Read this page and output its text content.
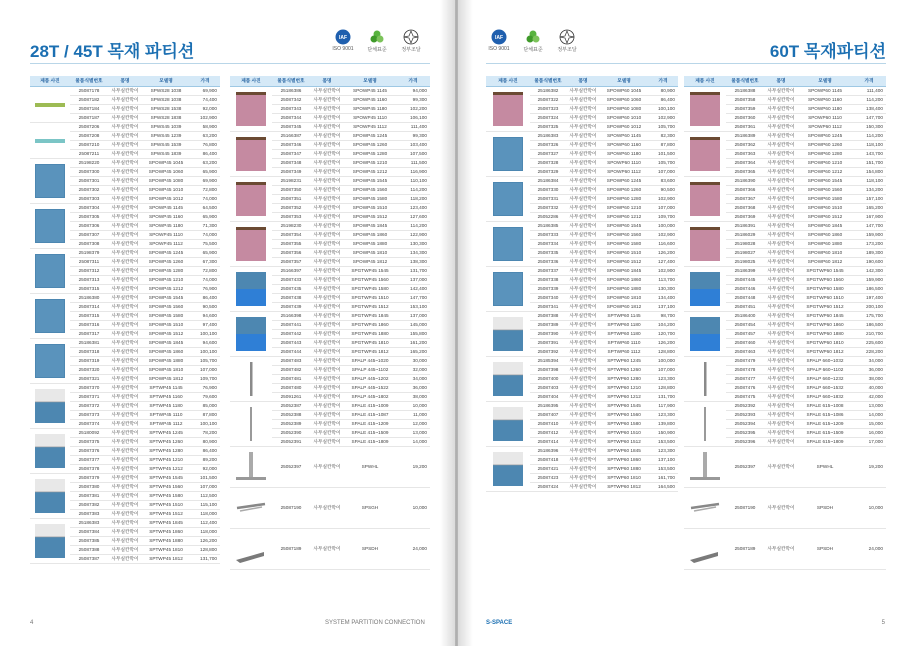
28T / 45T 목재 파티션
IAF
ISO 9001	단체표준	정부조달
제품 사진	물품식별번호	품명	모델명	가격

	25087178	사무실칸막이	SPWS28 1038	69,900
	25087182	사무실칸막이	SPWS28 1038	74,400
	25087184	사무실칸막이	SPWS28 1538	92,000
	25087187	사무실칸막이	SPWS28 1838	102,900

	25087206	사무실칸막이	SPWS45 1039	58,900
	25087208	사무실칸막이	SPWS45 1239	63,200
	25087210	사무실칸막이	SPWS45 1539	76,800
	25087211	사무실칸막이	SPWS45 1839	86,400

	25198220	사무실칸막이	SPOWP45 1045	63,200
	25087300	사무실칸막이	SPOWP45 1060	65,900
	25087301	사무실칸막이	SPOWP45 1080	69,900
	25087302	사무실칸막이	SPOWP45 1010	72,800
	25087303	사무실칸막이	SPOWP45 1012	74,000

	25087304	사무실칸막이	SPOWP45 1145	64,500
	25087305	사무실칸막이	SPOWP45 1160	65,900
	25087306	사무실칸막이	SPOWP45 1180	71,300
	25087307	사무실칸막이	SPOWP45 1110	74,000
	25087308	사무실칸막이	SPOWP45 1112	75,500

	25198379	사무실칸막이	SPOWP45 1245	65,900
	25087311	사무실칸막이	SPOWP45 1260	67,300
	25087312	사무실칸막이	SPOWP45 1280	72,800
	25087313	사무실칸막이	SPOWP45 1210	74,000
	25087315	사무실칸막이	SPOWP45 1212	76,900

	25186380	사무실칸막이	SPOWP45 1545	86,400
	25087314	사무실칸막이	SPOWP45 1560	90,500
	25087315	사무실칸막이	SPOWP45 1580	94,600
	25087316	사무실칸막이	SPOWP45 1510	97,400
	25087317	사무실칸막이	SPOWP45 1512	100,100

	25186381	사무실칸막이	SPOWP45 1845	94,600
	25087318	사무실칸막이	SPOWP45 1860	100,100
	25087319	사무실칸막이	SPOWP45 1880	105,700
	25087320	사무실칸막이	SPOWP45 1810	107,000
	25087321	사무실칸막이	SPOWP45 1812	109,700

	25087370	사무실칸막이	SPTWP45 1145	76,900
	25087371	사무실칸막이	SPTWP45 1160	79,600
	25087372	사무실칸막이	SPTWP45 1180	85,000
	25087373	사무실칸막이	SPTWP45 1110	87,800
	25087374	사무실칸막이	SPTWP45 1112	100,100

	25180092	사무실칸막이	SPTWP45 1245	78,200
	25087375	사무실칸막이	SPTWP45 1260	80,900
	25087376	사무실칸막이	SPTWP45 1280	86,400
	25087377	사무실칸막이	SPTWP45 1210	89,200
	25087378	사무실칸막이	SPTWP45 1212	92,000

	25087379	사무실칸막이	SPTWP45 1545	101,500
	25087380	사무실칸막이	SPTWP45 1560	107,000
	25087381	사무실칸막이	SPTWP45 1580	112,500
	25087382	사무실칸막이	SPTWP45 1510	115,100
	25087383	사무실칸막이	SPTWP45 1512	118,000

	25186383	사무실칸막이	SPTWP45 1845	112,400
	25087384	사무실칸막이	SPTWP45 1860	118,000
	25087385	사무실칸막이	SPTWP45 1880	126,200
	25087388	사무실칸막이	SPTWP45 1810	128,800
	25087387	사무실칸막이	SPTWP45 1812	131,700
제품 사진	물품식별번호	품명	모델명	가격

	25186386	사무실칸막이	SPOWP45 1145	94,000
	25087342	사무실칸막이	SPOWP45 1160	99,300
	25087343	사무실칸막이	SPOWP45 1180	102,200
	25087344	사무실칸막이	SPOWP45 1110	106,100
	25087345	사무실칸막이	SPOWP45 1112	111,400

	25166387	사무실칸막이	SPOWP45 1245	99,300
	25087346	사무실칸막이	SPOWP45 1260	103,400
	25087347	사무실칸막이	SPOWP45 1280	107,500
	25087348	사무실칸막이	SPOWP45 1210	111,500
	25087349	사무실칸막이	SPOWP45 1212	116,900

	25198231	사무실칸막이	SPOWP45 1545	110,100
	25087350	사무실칸막이	SPOWP45 1560	114,200
	25087351	사무실칸막이	SPOWP45 1580	118,200
	25087352	사무실칸막이	SPOWP45 1510	123,400
	25087353	사무실칸막이	SPOWP45 1512	127,600

	25198230	사무실칸막이	SPOWP45 1845	114,200
	25087354	사무실칸막이	SPOWP45 1860	122,900
	25087355	사무실칸막이	SPOWP45 1880	130,300
	25087356	사무실칸막이	SPOWP45 1810	134,300
	25087357	사무실칸막이	SPOWP45 1812	138,300

	25166397	사무실칸막이	SPGTWP45 1545	131,700
	25087433	사무실칸막이	SPGTWP45 1560	137,000
	25087435	사무실칸막이	SPGTWP45 1580	142,400
	25087438	사무실칸막이	SPGTWP45 1510	147,700
	25087439	사무실칸막이	SPGTWP45 1512	153,100

	25166398	사무실칸막이	SPGTWP45 1845	137,000
	25087441	사무실칸막이	SPGTWP45 1860	145,000
	25087442	사무실칸막이	SPGTWP45 1880	155,800
	25087443	사무실칸막이	SPGTWP45 1810	161,200
	25087444	사무실칸막이	SPGTWP45 1812	165,200

	25087483	사무실칸막이	SPALP 445~1020	30,000
	25087482	사무실칸막이	SPALP 445~1102	32,000
	25087481	사무실칸막이	SPALP 445~1202	34,000
	25087480	사무실칸막이	SPALP 445~1522	36,000
	25091261	사무실칸막이	SPALP 445~1802	38,000

	25052387	사무실칸막이	SPALE 415~1009	10,000
	25052388	사무실칸막이	SPALE 415~1087	11,000
	25052389	사무실칸막이	SPALE 415~1209	12,000
	25052390	사무실칸막이	SPALE 415~1509	13,000
	25052391	사무실칸막이	SPALE 415~1809	14,000

	25052397	사무실칸막이	SPWHL	19,200

	25087190	사무실칸막이	SPSGH	10,000

	25087189	사무실칸막이	SPSDH	24,000
4	SYSTEM PARTITION CONNECTION
IAF
ISO 9001	단체표준	정부조달	60T 목재파티션
제품 사진	물품식별번호	품명	모델명	가격

	25186382	사무실칸막이	SPOWP60 1045	80,900
	25087322	사무실칸막이	SPOWP60 1060	86,400
	25087323	사무실칸막이	SPOWP60 1080	100,100
	25087324	사무실칸막이	SPOWP60 1010	102,900
	25087325	사무실칸막이	SPOWP60 1012	105,700

	25186383	사무실칸막이	SPOWP60 1145	82,300
	25087326	사무실칸막이	SPOWP60 1160	87,800
	25087327	사무실칸막이	SPOWP60 1180	101,500
	25087328	사무실칸막이	SPOWP60 1110	105,700
	25087329	사무실칸막이	SPOWP60 1112	107,000

	25186384	사무실칸막이	SPOWP60 1245	83,600
	25087330	사무실칸막이	SPOWP60 1260	90,500
	25087331	사무실칸막이	SPOWP60 1280	102,900
	25087332	사무실칸막이	SPOWP60 1210	107,000
	25052286	사무실칸막이	SPOWP60 1212	109,700

	25186385	사무실칸막이	SPOWP60 1545	100,000
	25087333	사무실칸막이	SPOWP60 1560	102,900
	25087334	사무실칸막이	SPOWP60 1580	116,600
	25087335	사무실칸막이	SPOWP60 1510	126,200
	25087336	사무실칸막이	SPOWP60 1512	127,400

	25087337	사무실칸막이	SPOWP60 1845	102,900
	25087338	사무실칸막이	SPOWP60 1860	113,700
	25087339	사무실칸막이	SPOWP60 1880	130,300
	25087340	사무실칸막이	SPOWP60 1810	134,400
	25087341	사무실칸막이	SPOWP60 1812	137,100

	25087388	사무실칸막이	SPTWP60 1145	98,700
	25087389	사무실칸막이	SPTWP60 1180	104,200
	25087390	사무실칸막이	SPTWP60 1180	120,700
	25087391	사무실칸막이	SPTWP60 1110	126,200
	25087392	사무실칸막이	SPTWP60 1112	128,800

	25185394	사무실칸막이	SPTWP60 1245	100,000
	25087398	사무실칸막이	SPTWP60 1260	107,000
	25087400	사무실칸막이	SPTWP60 1280	123,300
	25087403	사무실칸막이	SPTWP60 1210	128,800
	25087404	사무실칸막이	SPTWP60 1212	131,700

	25186395	사무실칸막이	SPTWP60 1545	117,900
	25087407	사무실칸막이	SPTWP60 1560	123,300
	25087410	사무실칸막이	SPTWP60 1580	139,800
	25087412	사무실칸막이	SPTWP60 1510	150,900
	25087414	사무실칸막이	SPTWP60 1512	153,500

	25186396	사무실칸막이	SPTWP60 1845	123,300
	25087418	사무실칸막이	SPTWP60 1860	137,100
	25087421	사무실칸막이	SPTWP60 1880	153,500
	25087423	사무실칸막이	SPTWP60 1810	161,700
	25087424	사무실칸막이	SPTWP60 1812	164,500
제품 사진	물품식별번호	품명	모델명	가격

	25186388	사무실칸막이	SPOWP60 1145	111,400
	25087358	사무실칸막이	SPOWP60 1160	114,200
	25087359	사무실칸막이	SPOWP60 1180	138,400
	25087360	사무실칸막이	SPOWP60 1110	147,700
	25087361	사무실칸막이	SPOWP60 1112	150,300

	25186389	사무실칸막이	SPOWP60 1245	114,200
	25087362	사무실칸막이	SPOWP60 1260	118,100
	25087363	사무실칸막이	SPOWP60 1280	143,700
	25087364	사무실칸막이	SPOWP60 1210	151,700
	25087365	사무실칸막이	SPOWP60 1212	154,800

	25186390	사무실칸막이	SPOWP60 1545	118,100
	25087366	사무실칸막이	SPOWP60 1560	134,200
	25087367	사무실칸막이	SPOWP60 1580	157,100
	25087368	사무실칸막이	SPOWP60 1510	165,200
	25087369	사무실칸막이	SPOWP60 1512	167,900

	25186391	사무실칸막이	SPOWP60 1845	147,700
	25186029	사무실칸막이	SPOWP60 1860	159,900
	25198028	사무실칸막이	SPOWP60 1880	173,200
	25198027	사무실칸막이	SPOWP60 1810	189,300
	25198025	사무실칸막이	SPOWP60 1812	190,600

	25186399	사무실칸막이	SPGTWP60 1545	142,300
	25087445	사무실칸막이	SPGTWP60 1560	159,900
	25087446	사무실칸막이	SPGTWP60 1580	186,500
	25087448	사무실칸막이	SPGTWP60 1510	197,400
	25087451	사무실칸막이	SPGTWP60 1512	200,100

	25186400	사무실칸막이	SPGTWP60 1845	175,700
	25087454	사무실칸막이	SPGTWP60 1860	186,500
	25087457	사무실칸막이	SPGTWP60 1880	210,700
	25087460	사무실칸막이	SPGTWP60 1810	225,600
	25087463	사무실칸막이	SPGTWP60 1812	228,200

	25087479	사무실칸막이	SPALP 660~1032	34,000
	25087478	사무실칸막이	SPALP 660~1102	36,000
	25087477	사무실칸막이	SPALP 660~1232	38,000
	25087476	사무실칸막이	SPALP 660~1532	40,000
	25087475	사무실칸막이	SPALP 660~1832	42,000

	25052392	사무실칸막이	SPALE 615~1008	13,000
	25052393	사무실칸막이	SPALE 615~1086	14,000
	25052394	사무실칸막이	SPALE 615~1209	15,000
	25052395	사무실칸막이	SPALE 615~1509	16,000
	25052396	사무실칸막이	SPALE 615~1809	17,000

	25052397	사무실칸막이	SPWHL	19,200

	25087190	사무실칸막이	SPSDH	10,000

	25087189	사무실칸막이	SPSDH	24,000
S-SPACE	5
